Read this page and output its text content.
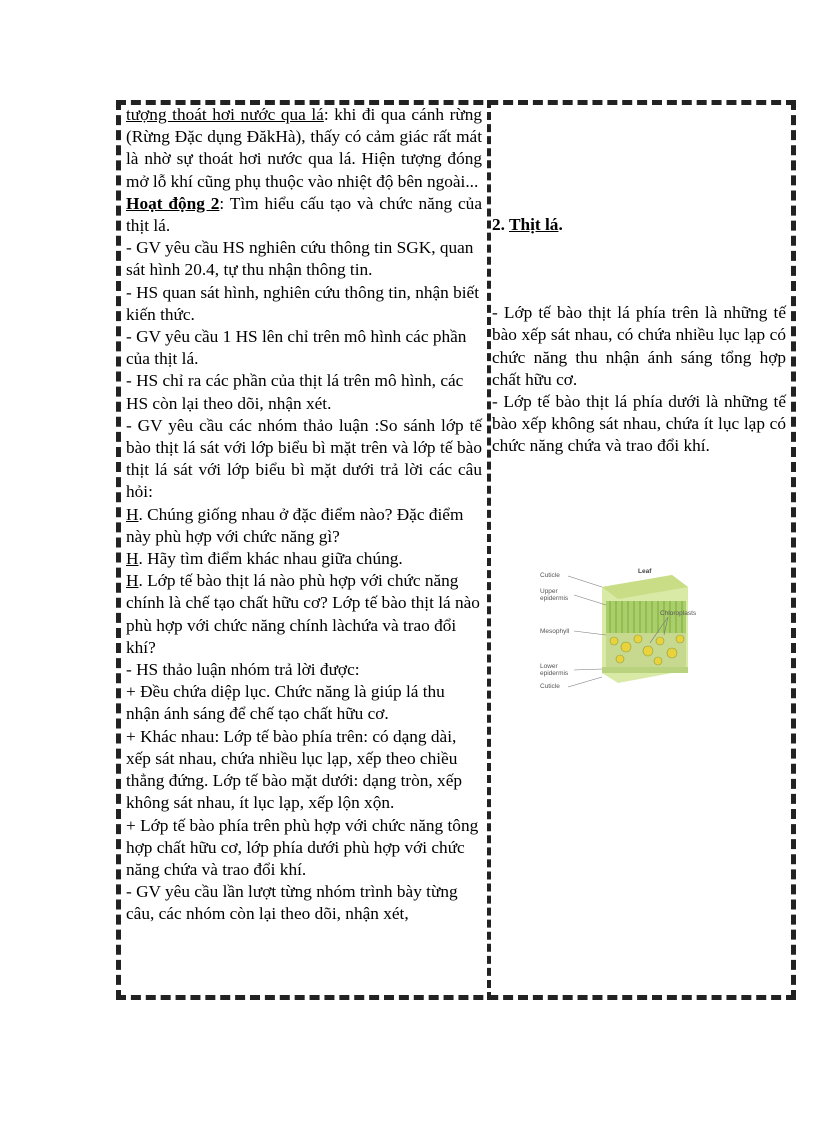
tượng thoát hơi nước qua lá: khi đi qua cánh rừng (Rừng Đặc dụng ĐăkHà), thấy có cảm giác rất mát là nhờ sự thoát hơi nước qua lá. Hiện tượng đóng mở lỗ khí cũng phụ thuộc vào nhiệt độ bên ngoài...

Hoạt động 2: Tìm hiểu cấu tạo và chức năng của thịt lá.

- GV yêu cầu HS nghiên cứu thông tin SGK, quan sát hình 20.4, tự thu nhận thông tin.

- HS quan sát hình, nghiên cứu thông tin, nhận biết kiến thức.

- GV yêu cầu 1 HS lên chỉ trên mô hình các phần của thịt lá.

- HS chỉ ra các phần của thịt lá trên mô hình, các HS còn lại theo dõi, nhận xét.

- GV yêu cầu các nhóm thảo luận :So sánh lớp tế bào thịt lá sát với lớp biểu bì mặt trên và lớp tế bào thịt lá sát với lớp biểu bì mặt dưới trả lời các câu hỏi:

H. Chúng giống nhau ở đặc điểm nào? Đặc điểm này phù hợp với chức năng gì?

H. Hãy tìm điểm khác nhau giữa chúng.

H. Lớp tế bào thịt lá nào phù hợp với chức năng chính là chế tạo chất hữu cơ? Lớp tế bào thịt lá nào phù hợp với chức năng chính làchứa và trao đổi khí?

- HS thảo luận nhóm trả lời được:

+ Đều chứa diệp lục. Chức năng là giúp lá thu nhận ánh sáng để chế tạo chất hữu cơ.

+ Khác nhau: Lớp tế bào phía trên: có dạng dài, xếp sát nhau, chứa nhiều lục lạp, xếp theo chiều thẳng đứng. Lớp tế bào mặt dưới: dạng tròn, xếp không sát nhau, ít lục lạp, xếp lộn xộn.

+ Lớp tế bào phía trên phù hợp với chức năng tông hợp chất hữu cơ, lớp phía dưới phù hợp với chức năng chứa và trao đổi khí.

- GV yêu cầu lần lượt từng nhóm trình bày từng câu, các nhóm còn lại theo dõi, nhận xét,

2. Thịt lá.

- Lớp tế bào thịt lá phía trên là những tế bào xếp sát nhau, có chứa nhiều lục lạp có chức năng thu nhận ánh sáng tổng hợp chất hữu cơ.

- Lớp tế bào thịt lá phía dưới là những tế bào xếp không sát nhau, chứa ít lục lạp có chức năng chứa và trao đổi khí.

Cuticle
Leaf
Upper
epidermis
Mesophyll
Lower
epidermis
Cuticle
Chloroplasts
